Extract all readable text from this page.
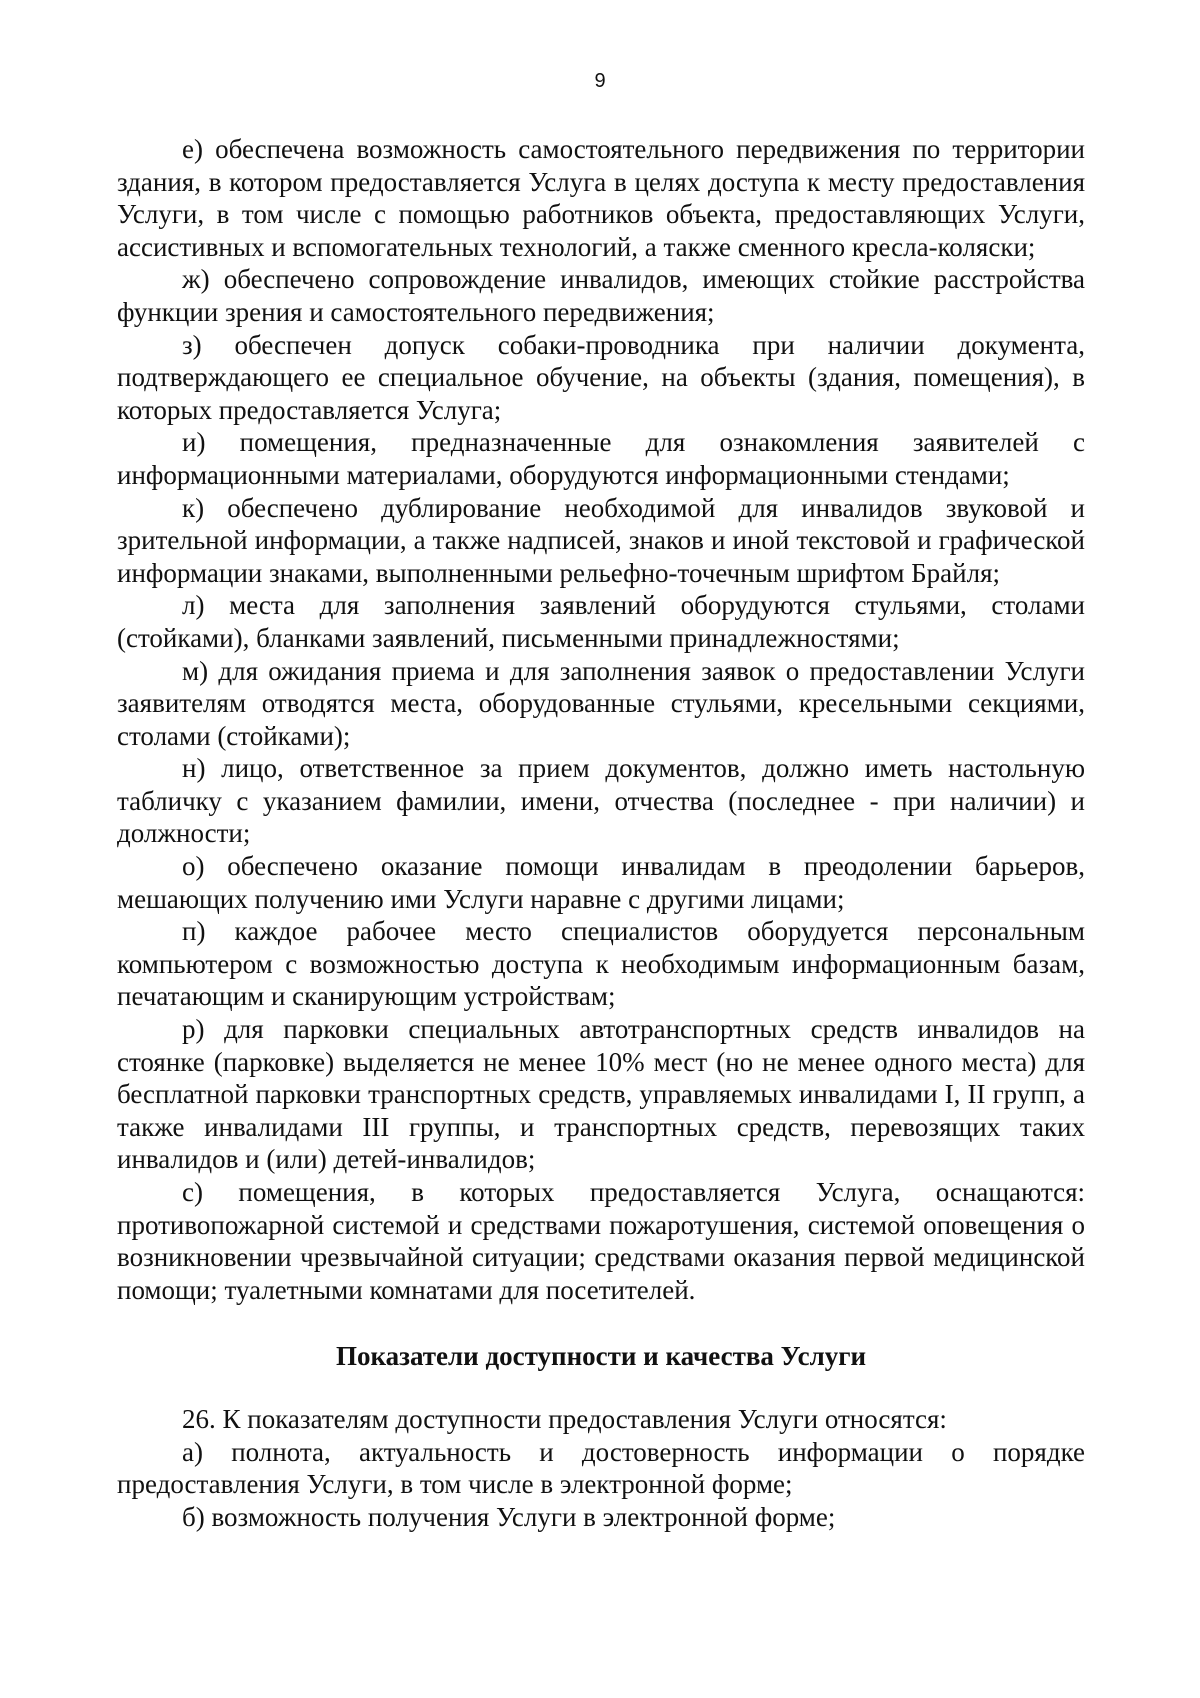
9

е) обеспечена возможность самостоятельного передвижения по территории здания, в котором предоставляется Услуга в целях доступа к месту предоставления Услуги, в том числе с помощью работников объекта, предоставляющих Услуги, ассистивных и вспомогательных технологий, а также сменного кресла-коляски;

ж) обеспечено сопровождение инвалидов, имеющих стойкие расстройства функции зрения и самостоятельного передвижения;

з) обеспечен допуск собаки-проводника при наличии документа, подтверждающего ее специальное обучение, на объекты (здания, помещения), в которых предоставляется Услуга;

и) помещения, предназначенные для ознакомления заявителей с информационными материалами, оборудуются информационными стендами;

к) обеспечено дублирование необходимой для инвалидов звуковой и зрительной информации, а также надписей, знаков и иной текстовой и графической информации знаками, выполненными рельефно-точечным шрифтом Брайля;

л) места для заполнения заявлений оборудуются стульями, столами (стойками), бланками заявлений, письменными принадлежностями;

м) для ожидания приема и для заполнения заявок о предоставлении Услуги заявителям отводятся места, оборудованные стульями, кресельными секциями, столами (стойками);

н) лицо, ответственное за прием документов, должно иметь настольную табличку с указанием фамилии, имени, отчества (последнее - при наличии) и должности;

о) обеспечено оказание помощи инвалидам в преодолении барьеров, мешающих получению ими Услуги наравне с другими лицами;

п) каждое рабочее место специалистов оборудуется персональным компьютером с возможностью доступа к необходимым информационным базам, печатающим и сканирующим устройствам;

р) для парковки специальных автотранспортных средств инвалидов на стоянке (парковке) выделяется не менее 10% мест (но не менее одного места) для бесплатной парковки транспортных средств, управляемых инвалидами I, II групп, а также инвалидами III группы, и транспортных средств, перевозящих таких инвалидов и (или) детей-инвалидов;

с) помещения, в которых предоставляется Услуга, оснащаются: противопожарной системой и средствами пожаротушения, системой оповещения о возникновении чрезвычайной ситуации; средствами оказания первой медицинской помощи; туалетными комнатами для посетителей.

Показатели доступности и качества Услуги

26. К показателям доступности предоставления Услуги относятся:

а) полнота, актуальность и достоверность информации о порядке предоставления Услуги, в том числе в электронной форме;

б) возможность получения Услуги в электронной форме;
